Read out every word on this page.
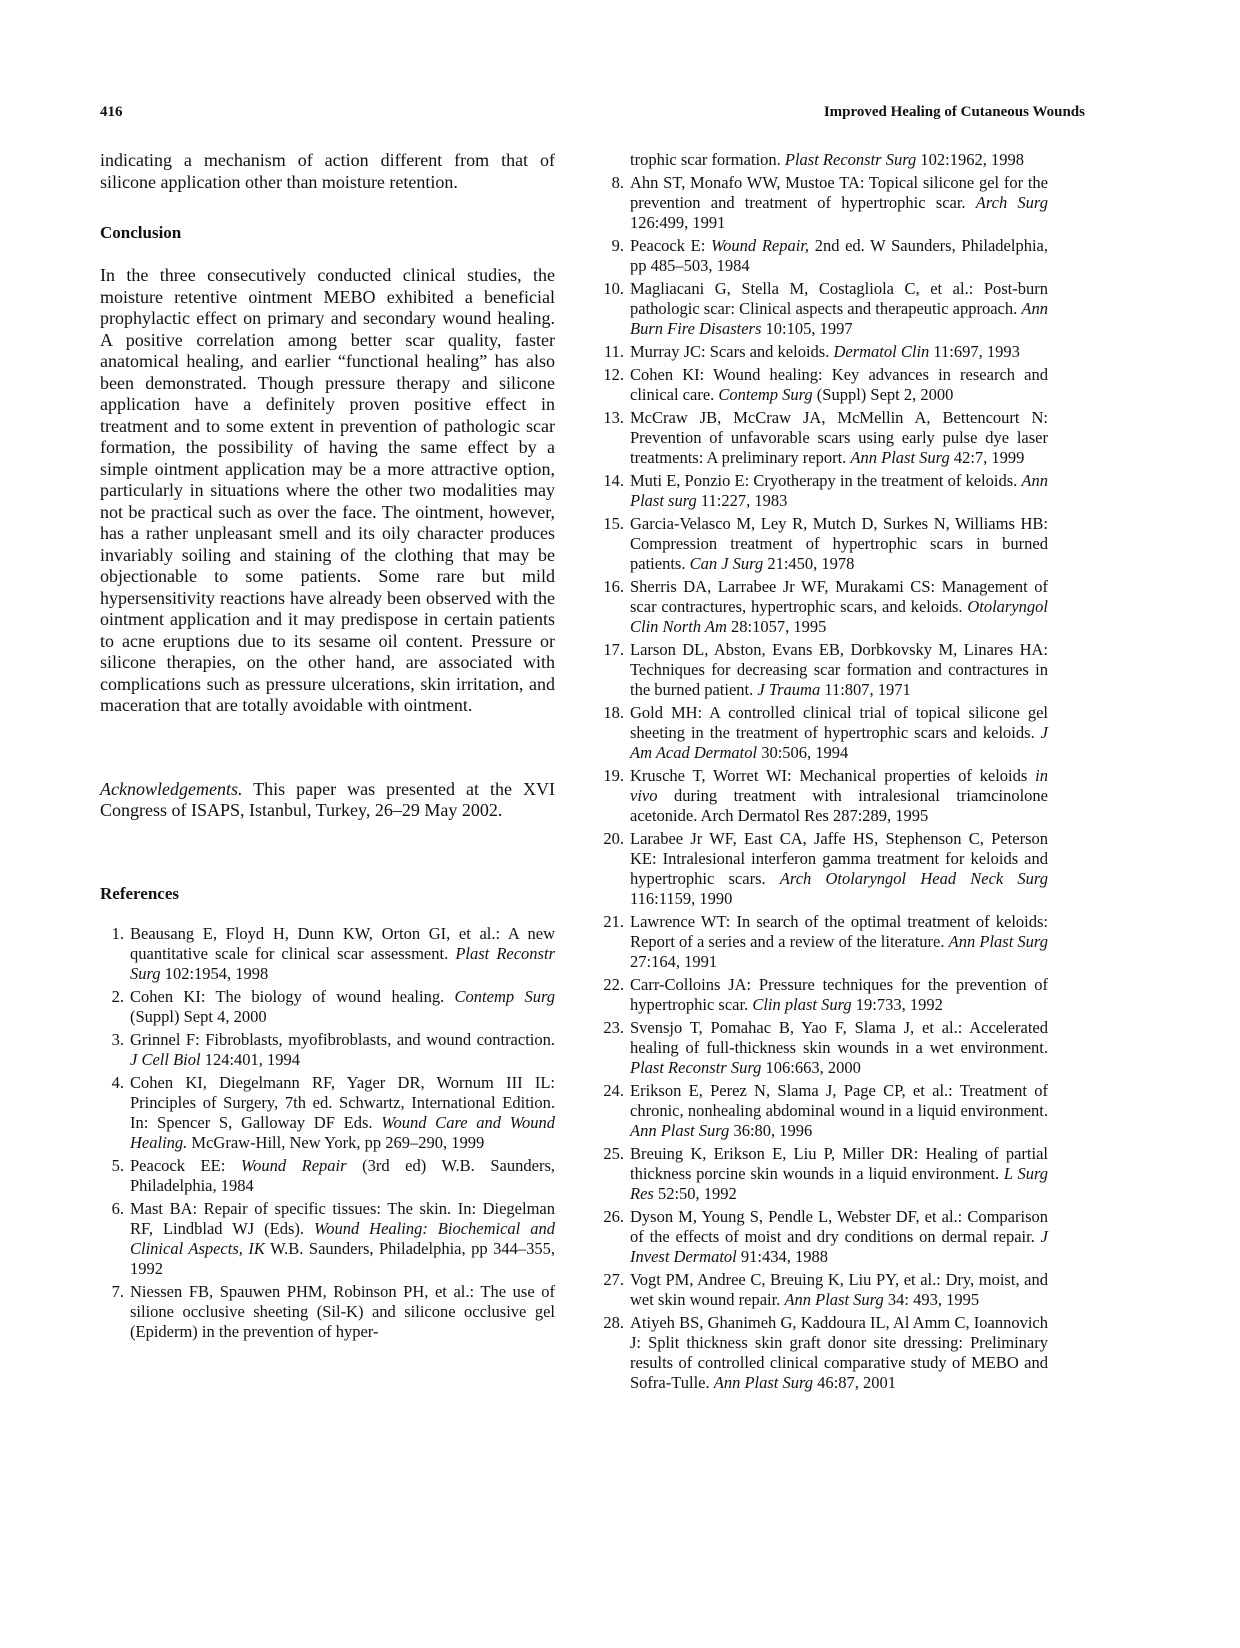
416	Improved Healing of Cutaneous Wounds

indicating a mechanism of action different from that of silicone application other than moisture retention.

Conclusion

In the three consecutively conducted clinical studies, the moisture retentive ointment MEBO exhibited a beneficial prophylactic effect on primary and secondary wound healing. A positive correlation among better scar quality, faster anatomical healing, and earlier “functional healing” has also been demonstrated. Though pressure therapy and silicone application have a definitely proven positive effect in treatment and to some extent in prevention of pathologic scar formation, the possibility of having the same effect by a simple ointment application may be a more attractive option, particularly in situations where the other two modalities may not be practical such as over the face. The ointment, however, has a rather unpleasant smell and its oily character produces invariably soiling and staining of the clothing that may be objectionable to some patients. Some rare but mild hypersensitivity reactions have already been observed with the ointment application and it may predispose in certain patients to acne eruptions due to its sesame oil content. Pressure or silicone therapies, on the other hand, are associated with complications such as pressure ulcerations, skin irritation, and maceration that are totally avoidable with ointment.

Acknowledgements. This paper was presented at the XVI Congress of ISAPS, Istanbul, Turkey, 26–29 May 2002.

References
1. Beausang E, Floyd H, Dunn KW, Orton GI, et al.: A new quantitative scale for clinical scar assessment. Plast Reconstr Surg 102:1954, 1998
2. Cohen KI: The biology of wound healing. Contemp Surg (Suppl) Sept 4, 2000
3. Grinnel F: Fibroblasts, myofibroblasts, and wound contraction. J Cell Biol 124:401, 1994
4. Cohen KI, Diegelmann RF, Yager DR, Wornum III IL: Principles of Surgery, 7th ed. Schwartz, International Edition. In: Spencer S, Galloway DF Eds. Wound Care and Wound Healing. McGraw-Hill, New York, pp 269–290, 1999
5. Peacock EE: Wound Repair (3rd ed) W.B. Saunders, Philadelphia, 1984
6. Mast BA: Repair of specific tissues: The skin. In: Diegelman RF, Lindblad WJ (Eds). Wound Healing: Biochemical and Clinical Aspects, IK W.B. Saunders, Philadelphia, pp 344–355, 1992
7. Niessen FB, Spauwen PHM, Robinson PH, et al.: The use of silione occlusive sheeting (Sil-K) and silicone occlusive gel (Epiderm) in the prevention of hyper-
trophic scar formation. Plast Reconstr Surg 102:1962, 1998
8. Ahn ST, Monafo WW, Mustoe TA: Topical silicone gel for the prevention and treatment of hypertrophic scar. Arch Surg 126:499, 1991
9. Peacock E: Wound Repair, 2nd ed. W Saunders, Philadelphia, pp 485–503, 1984
10. Magliacani G, Stella M, Costagliola C, et al.: Post-burn pathologic scar: Clinical aspects and therapeutic approach. Ann Burn Fire Disasters 10:105, 1997
11. Murray JC: Scars and keloids. Dermatol Clin 11:697, 1993
12. Cohen KI: Wound healing: Key advances in research and clinical care. Contemp Surg (Suppl) Sept 2, 2000
13. McCraw JB, McCraw JA, McMellin A, Bettencourt N: Prevention of unfavorable scars using early pulse dye laser treatments: A preliminary report. Ann Plast Surg 42:7, 1999
14. Muti E, Ponzio E: Cryotherapy in the treatment of keloids. Ann Plast surg 11:227, 1983
15. Garcia-Velasco M, Ley R, Mutch D, Surkes N, Williams HB: Compression treatment of hypertrophic scars in burned patients. Can J Surg 21:450, 1978
16. Sherris DA, Larrabee Jr WF, Murakami CS: Management of scar contractures, hypertrophic scars, and keloids. Otolaryngol Clin North Am 28:1057, 1995
17. Larson DL, Abston, Evans EB, Dorbkovsky M, Linares HA: Techniques for decreasing scar formation and contractures in the burned patient. J Trauma 11:807, 1971
18. Gold MH: A controlled clinical trial of topical silicone gel sheeting in the treatment of hypertrophic scars and keloids. J Am Acad Dermatol 30:506, 1994
19. Krusche T, Worret WI: Mechanical properties of keloids in vivo during treatment with intralesional triamcinolone acetonide. Arch Dermatol Res 287:289, 1995
20. Larabee Jr WF, East CA, Jaffe HS, Stephenson C, Peterson KE: Intralesional interferon gamma treatment for keloids and hypertrophic scars. Arch Otolaryngol Head Neck Surg 116:1159, 1990
21. Lawrence WT: In search of the optimal treatment of keloids: Report of a series and a review of the literature. Ann Plast Surg 27:164, 1991
22. Carr-Colloins JA: Pressure techniques for the prevention of hypertrophic scar. Clin plast Surg 19:733, 1992
23. Svensjo T, Pomahac B, Yao F, Slama J, et al.: Accelerated healing of full-thickness skin wounds in a wet environment. Plast Reconstr Surg 106:663, 2000
24. Erikson E, Perez N, Slama J, Page CP, et al.: Treatment of chronic, nonhealing abdominal wound in a liquid environment. Ann Plast Surg 36:80, 1996
25. Breuing K, Erikson E, Liu P, Miller DR: Healing of partial thickness porcine skin wounds in a liquid environment. L Surg Res 52:50, 1992
26. Dyson M, Young S, Pendle L, Webster DF, et al.: Comparison of the effects of moist and dry conditions on dermal repair. J Invest Dermatol 91:434, 1988
27. Vogt PM, Andree C, Breuing K, Liu PY, et al.: Dry, moist, and wet skin wound repair. Ann Plast Surg 34: 493, 1995
28. Atiyeh BS, Ghanimeh G, Kaddoura IL, Al Amm C, Ioannovich J: Split thickness skin graft donor site dressing: Preliminary results of controlled clinical comparative study of MEBO and Sofra-Tulle. Ann Plast Surg 46:87, 2001
